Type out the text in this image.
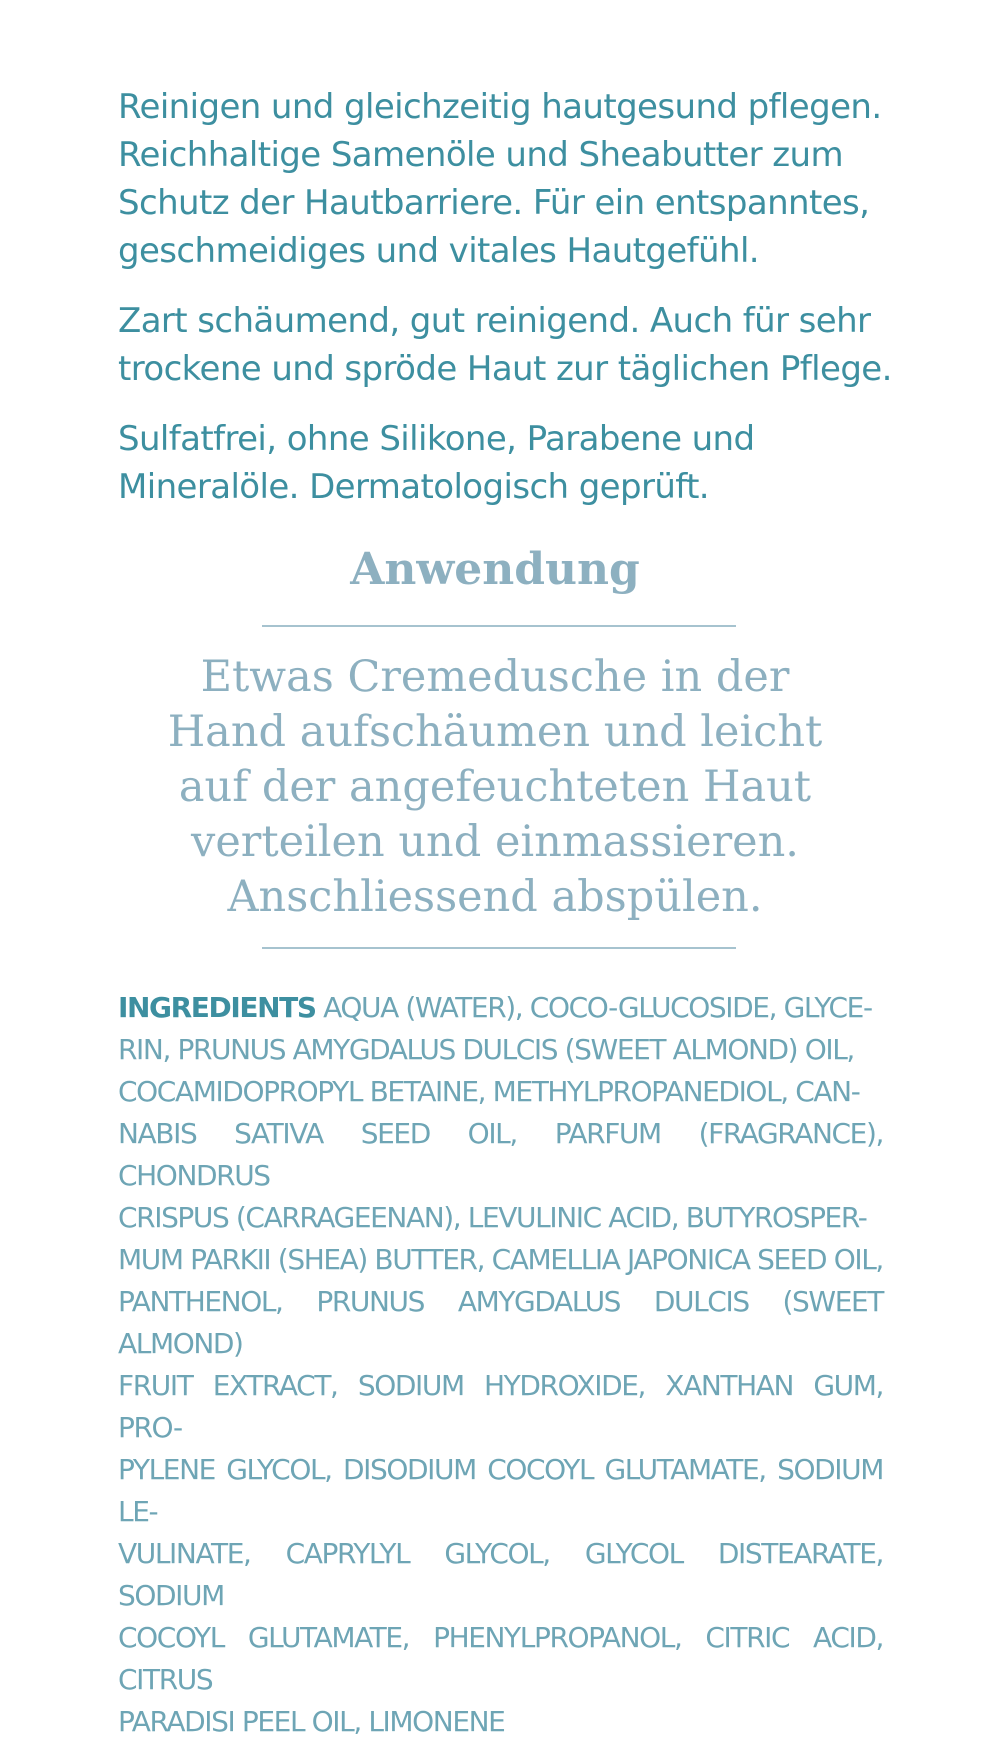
Reinigen und gleichzeitig hautgesund pflegen.
Reichhaltige Samenöle und Sheabutter zum
Schutz der Hautbarriere. Für ein entspanntes,
geschmeidiges und vitales Hautgefühl.

Zart schäumend, gut reinigend. Auch für sehr
trockene und spröde Haut zur täglichen Pflege.

Sulfatfrei, ohne Silikone, Parabene und
Mineralöle. Dermatologisch geprüft.

Anwendung

Etwas Cremedusche in der
Hand aufschäumen und leicht
auf der angefeuchteten Haut
verteilen und einmassieren.
Anschliessend abspülen.

INGREDIENTS AQUA (WATER), COCO-GLUCOSIDE, GLYCE-
RIN, PRUNUS AMYGDALUS DULCIS (SWEET ALMOND) OIL,
COCAMIDOPROPYL BETAINE, METHYLPROPANEDIOL, CAN-
NABIS SATIVA SEED OIL, PARFUM (FRAGRANCE), CHONDRUS
CRISPUS (CARRAGEENAN), LEVULINIC ACID, BUTYROSPER-
MUM PARKII (SHEA) BUTTER, CAMELLIA JAPONICA SEED OIL,
PANTHENOL, PRUNUS AMYGDALUS DULCIS (SWEET ALMOND)
FRUIT EXTRACT, SODIUM HYDROXIDE, XANTHAN GUM, PRO-
PYLENE GLYCOL, DISODIUM COCOYL GLUTAMATE, SODIUM LE-
VULINATE, CAPRYLYL GLYCOL, GLYCOL DISTEARATE, SODIUM
COCOYL GLUTAMATE, PHENYLPROPANOL, CITRIC ACID, CITRUS
PARADISI PEEL OIL, LIMONENE
